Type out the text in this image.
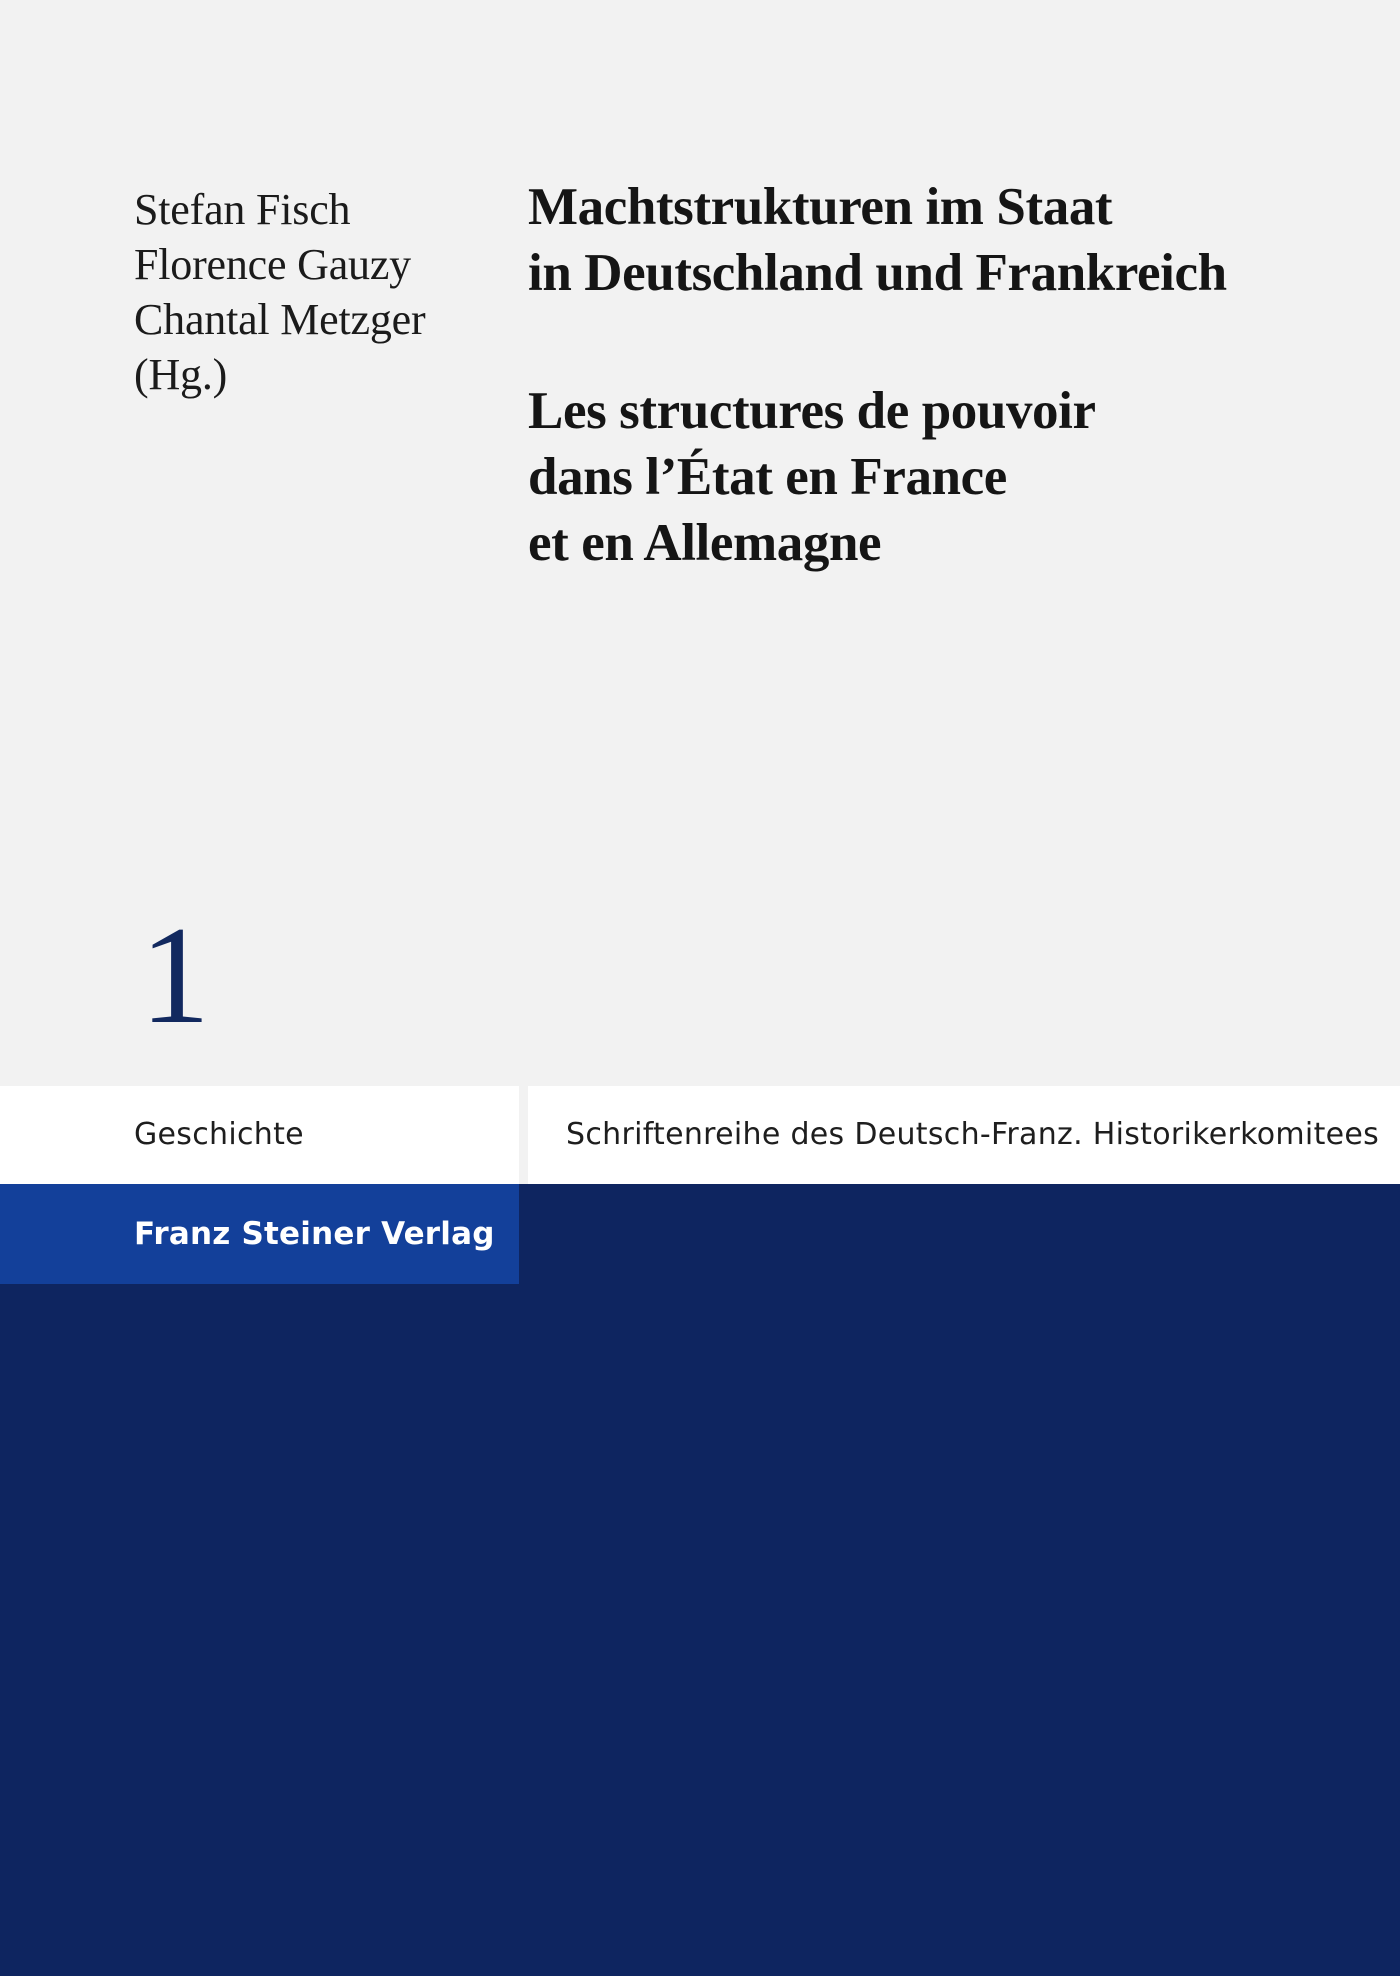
Stefan Fisch
Florence Gauzy
Chantal Metzger
(Hg.)
Machtstrukturen im Staat
in Deutschland und Frankreich
Les structures de pouvoir
dans l’État en France
et en Allemagne
1
Geschichte	Schriftenreihe des Deutsch-Franz. Historikerkomitees
Franz Steiner Verlag
